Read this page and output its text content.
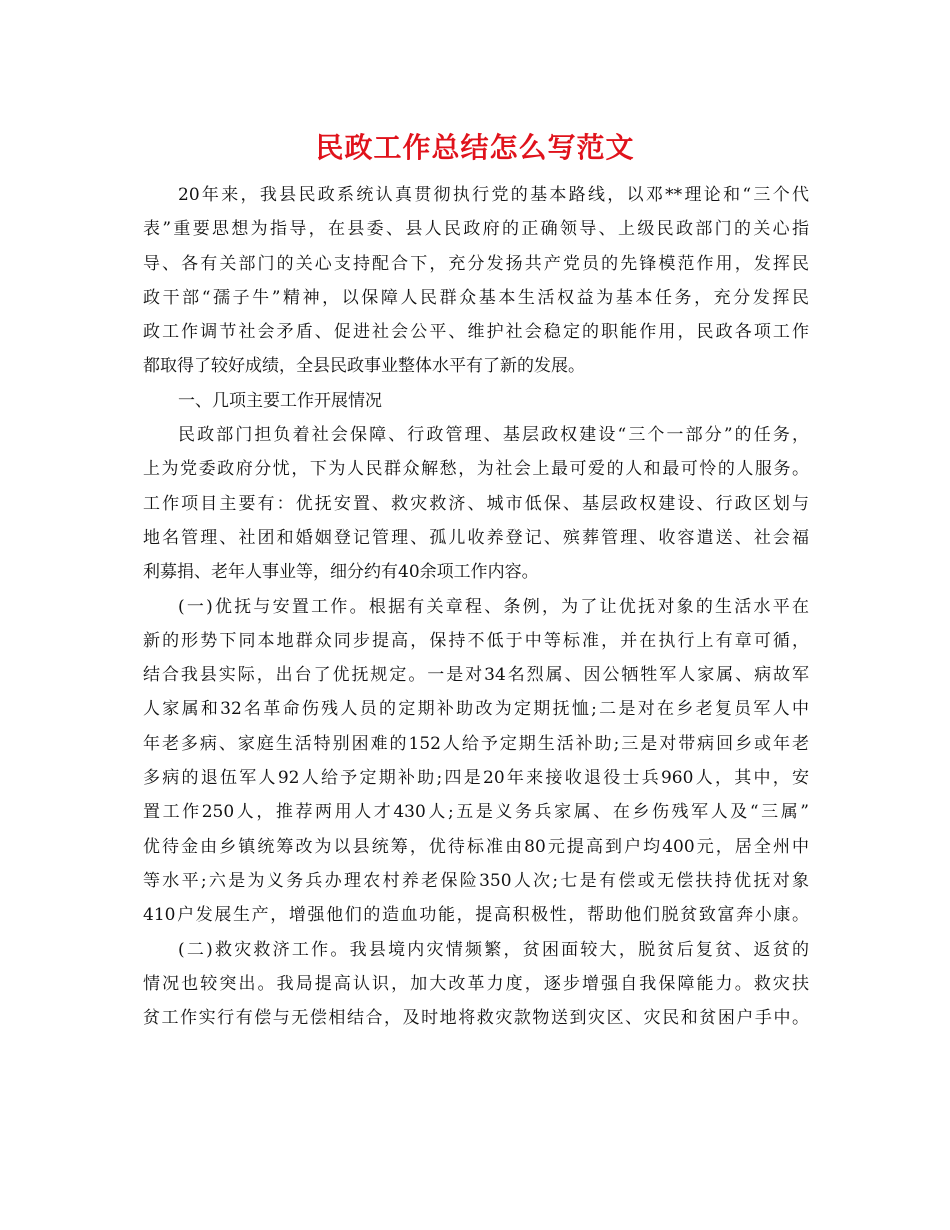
民政工作总结怎么写范文
20年来，我县民政系统认真贯彻执行党的基本路线，以邓**理论和“三个代
表”重要思想为指导，在县委、县人民政府的正确领导、上级民政部门的关心指
导、各有关部门的关心支持配合下，充分发扬共产党员的先锋模范作用，发挥民
政干部“孺子牛”精神，以保障人民群众基本生活权益为基本任务，充分发挥民
政工作调节社会矛盾、促进社会公平、维护社会稳定的职能作用，民政各项工作
都取得了较好成绩，全县民政事业整体水平有了新的发展。
一、几项主要工作开展情况
民政部门担负着社会保障、行政管理、基层政权建设“三个一部分”的任务，
上为党委政府分忧，下为人民群众解愁，为社会上最可爱的人和最可怜的人服务。
工作项目主要有：优抚安置、救灾救济、城市低保、基层政权建设、行政区划与
地名管理、社团和婚姻登记管理、孤儿收养登记、殡葬管理、收容遣送、社会福
利募捐、老年人事业等，细分约有40余项工作内容。
(一)优抚与安置工作。根据有关章程、条例，为了让优抚对象的生活水平在
新的形势下同本地群众同步提高，保持不低于中等标准，并在执行上有章可循，
结合我县实际，出台了优抚规定。一是对34名烈属、因公牺牲军人家属、病故军
人家属和32名革命伤残人员的定期补助改为定期抚恤;二是对在乡老复员军人中
年老多病、家庭生活特别困难的152人给予定期生活补助;三是对带病回乡或年老
多病的退伍军人92人给予定期补助;四是20年来接收退役士兵960人，其中，安
置工作250人，推荐两用人才430人;五是义务兵家属、在乡伤残军人及“三属”
优待金由乡镇统筹改为以县统筹，优待标准由80元提高到户均400元，居全州中
等水平;六是为义务兵办理农村养老保险350人次;七是有偿或无偿扶持优抚对象
410户发展生产，增强他们的造血功能，提高积极性，帮助他们脱贫致富奔小康。
(二)救灾救济工作。我县境内灾情频繁，贫困面较大，脱贫后复贫、返贫的
情况也较突出。我局提高认识，加大改革力度，逐步增强自我保障能力。救灾扶
贫工作实行有偿与无偿相结合，及时地将救灾款物送到灾区、灾民和贫困户手中。
